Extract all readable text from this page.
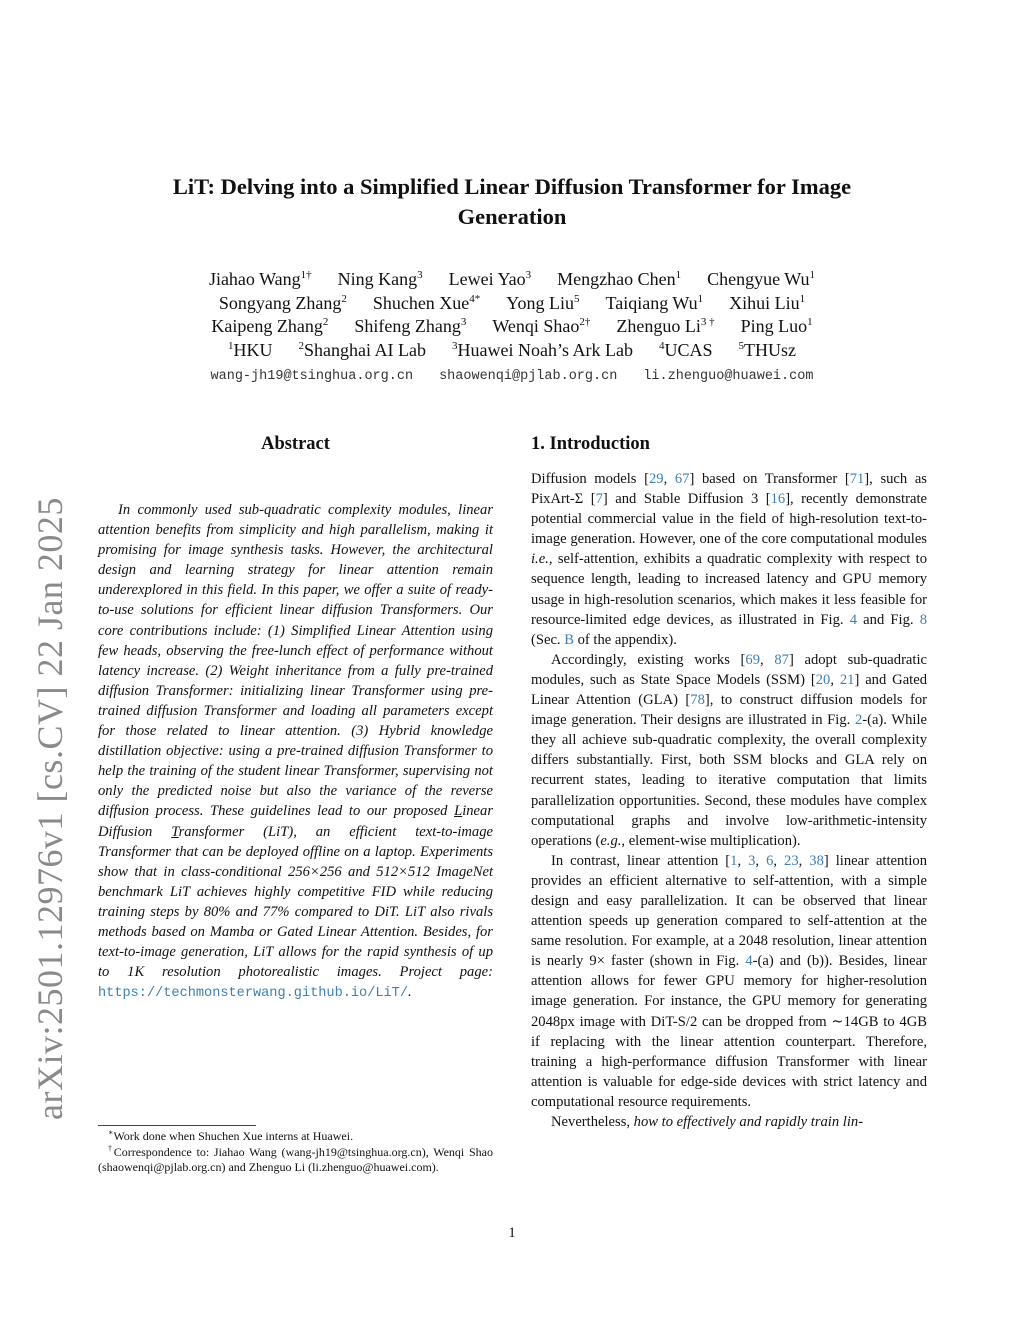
arXiv:2501.12976v1 [cs.CV] 22 Jan 2025
LiT: Delving into a Simplified Linear Diffusion Transformer for Image
Generation
Jiahao Wang$^{1\dagger}$ Ning Kang$^3$ Lewei Yao$^3$ Mengzhao Chen$^1$ Chengyue Wu$^1$
Songyang Zhang$^2$ Shuchen Xue$^{4*}$ Yong Liu$^5$ Taiqiang Wu$^1$ Xihui Liu$^1$
Kaipeng Zhang$^2$ Shifeng Zhang$^3$ Wenqi Shao$^{2\dagger}$ Zhenguo $Li^{3 \dagger}$ Ping Luo$^1$
$^1$HKU $^2$Shanghai AI Lab $^3$Huawei Noah’s Ark Lab $^4$UCAS $^5$THUsz
wang-jh19@tsinghua.org.cn shaowenqi@pjlab.org.cn li.zhenguo@huawei.com
Abstract
In commonly used sub-quadratic complexity modules, linear attention benefits from simplicity and high parallelism, making it promising for image synthesis tasks. However, the architectural design and learning strategy for linear attention remain underexplored in this field. In this paper, we offer a suite of ready-to-use solutions for efficient linear diffusion Transformers. Our core contributions include: (1) Simplified Linear Attention using few heads, observing the free-lunch effect of performance without latency increase. (2) Weight inheritance from a fully pre-trained diffusion Transformer: initializing linear Transformer using pre-trained diffusion Transformer and loading all parameters except for those related to linear attention. (3) Hybrid knowledge distillation objective: using a pre-trained diffusion Transformer to help the training of the student linear Transformer, supervising not only the predicted noise but also the variance of the reverse diffusion process. These guidelines lead to our proposed Linear Diffusion Transformer (LiT), an efficient text-to-image Transformer that can be deployed offline on a laptop. Experiments show that in class-conditional 256×256 and 512×512 ImageNet benchmark LiT achieves highly competitive FID while reducing training steps by 80% and 77% compared to DiT. LiT also rivals methods based on Mamba or Gated Linear Attention. Besides, for text-to-image generation, LiT allows for the rapid synthesis of up to 1K resolution photorealistic images. Project page: https://techmonsterwang.github.io/LiT/.
1. Introduction

Diffusion models [29, 67] based on Transformer [71], such as PixArt-Σ [7] and Stable Diffusion 3 [16], recently demonstrate potential commercial value in the field of high-resolution text-to-image generation. However, one of the core computational modules i.e., self-attention, exhibits a quadratic complexity with respect to sequence length, leading to increased latency and GPU memory usage in high-resolution scenarios, which makes it less feasible for resource-limited edge devices, as illustrated in Fig. 4 and Fig. 8 (Sec. B of the appendix).

Accordingly, existing works [69, 87] adopt sub-quadratic modules, such as State Space Models (SSM) [20, 21] and Gated Linear Attention (GLA) [78], to construct diffusion models for image generation. Their designs are illustrated in Fig. 2-(a). While they all achieve sub-quadratic complexity, the overall complexity differs substantially. First, both SSM blocks and GLA rely on recurrent states, leading to iterative computation that limits parallelization opportunities. Second, these modules have complex computational graphs and involve low-arithmetic-intensity operations (e.g., element-wise multiplication).

In contrast, linear attention [1, 3, 6, 23, 38] linear attention provides an efficient alternative to self-attention, with a simple design and easy parallelization. It can be observed that linear attention speeds up generation compared to self-attention at the same resolution. For example, at a 2048 resolution, linear attention is nearly 9× faster (shown in Fig. 4-(a) and (b)). Besides, linear attention allows for fewer GPU memory for higher-resolution image generation. For instance, the GPU memory for generating 2048px image with DiT-S/2 can be dropped from ∼14GB to 4GB if replacing with the linear attention counterpart. Therefore, training a high-performance diffusion Transformer with linear attention is valuable for edge-side devices with strict latency and computational resource requirements.

Nevertheless, how to effectively and rapidly train lin-

∗Work done when Shuchen Xue interns at Huawei.

†Correspondence to: Jiahao Wang (wang-jh19@tsinghua.org.cn), Wenqi Shao (shaowenqi@pjlab.org.cn) and Zhenguo Li (li.zhenguo@huawei.com).

1
